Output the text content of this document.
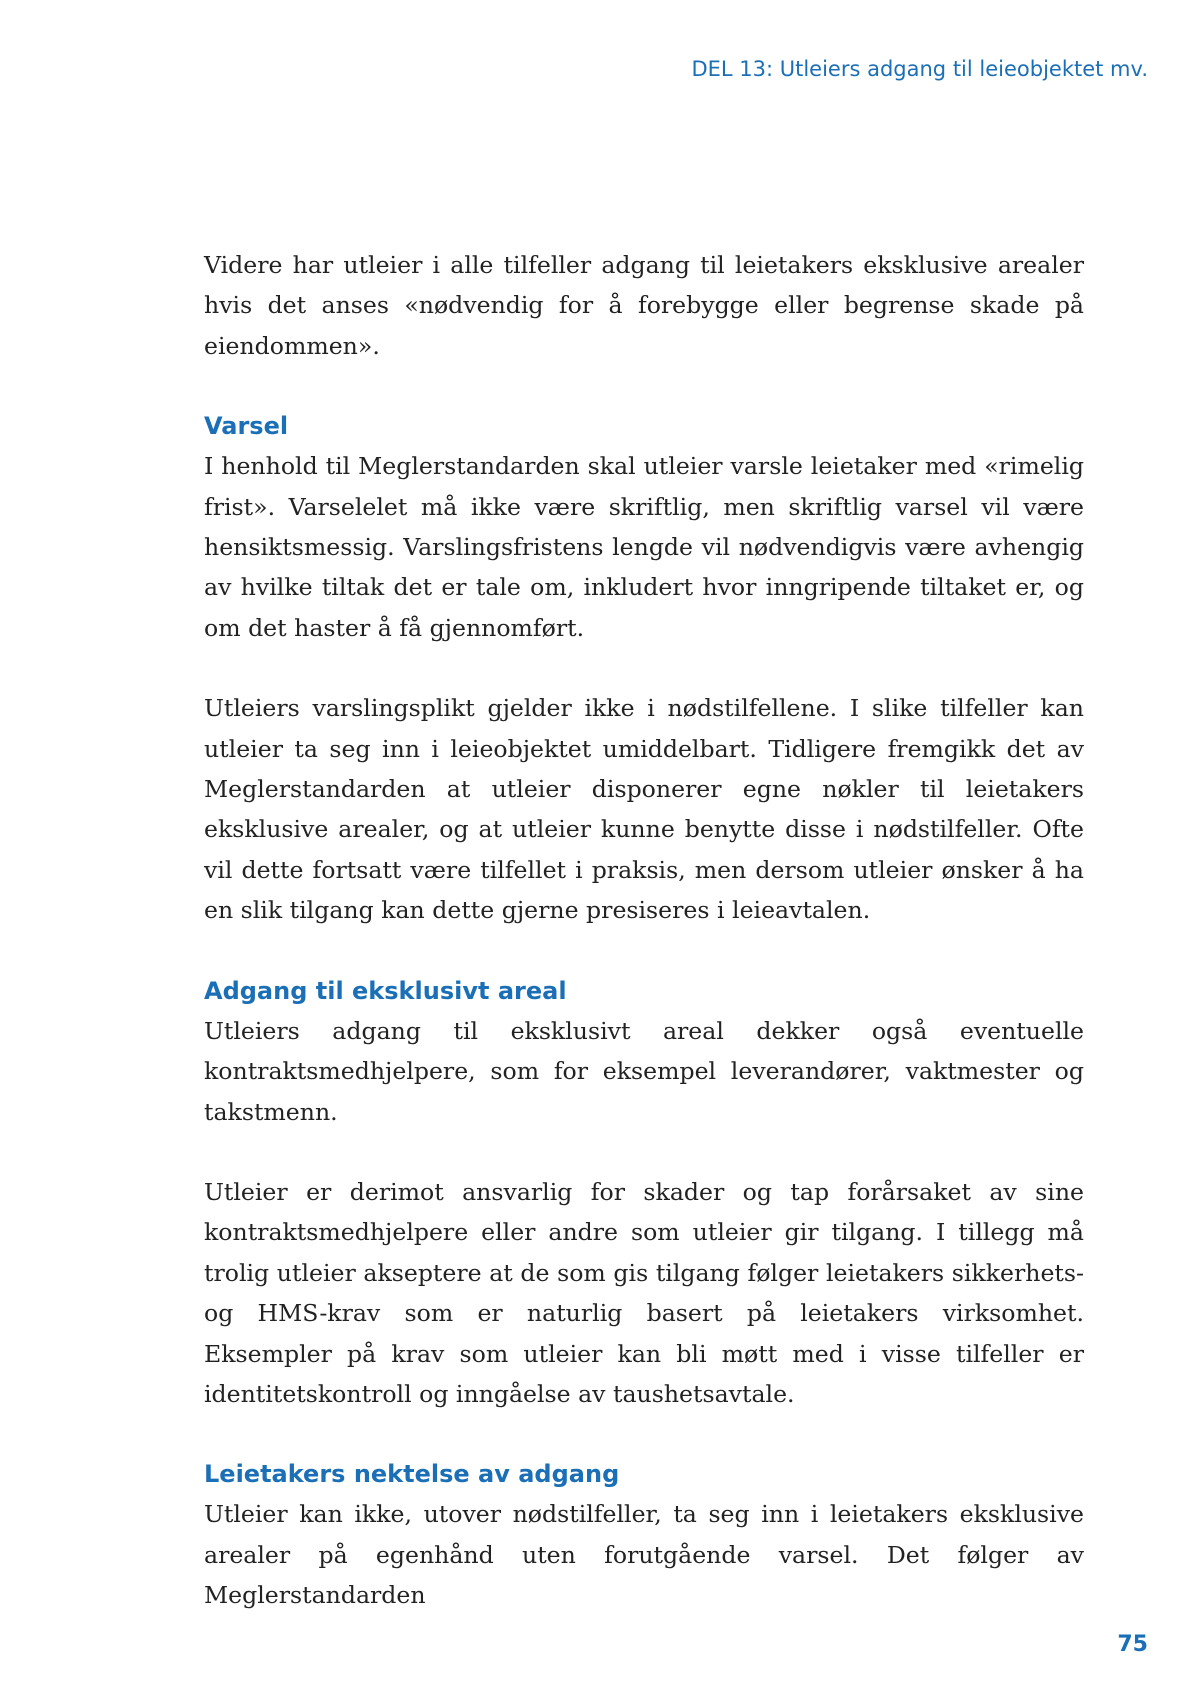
DEL 13: Utleiers adgang til leieobjektet mv.

Videre har utleier i alle tilfeller adgang til leietakers eksklusive arealer hvis det anses «nødvendig for å forebygge eller begrense skade på eiendommen».

Varsel

I henhold til Meglerstandarden skal utleier varsle leietaker med «rimelig frist». Varselelet må ikke være skriftlig, men skriftlig varsel vil være hensiktsmessig. Varslingsfristens lengde vil nødvendigvis være avhengig av hvilke tiltak det er tale om, inkludert hvor inngripende tiltaket er, og om det haster å få gjennomført.

Utleiers varslingsplikt gjelder ikke i nødstilfellene. I slike tilfeller kan utleier ta seg inn i leieobjektet umiddelbart. Tidligere fremgikk det av Meglerstandarden at utleier disponerer egne nøkler til leietakers eksklusive arealer, og at utleier kunne benytte disse i nødstilfeller. Ofte vil dette fortsatt være tilfellet i praksis, men dersom utleier ønsker å ha en slik tilgang kan dette gjerne presiseres i leieavtalen.

Adgang til eksklusivt areal

Utleiers adgang til eksklusivt areal dekker også eventuelle kontraktsmedhjelpere, som for eksempel leverandører, vaktmester og takstmenn.

Utleier er derimot ansvarlig for skader og tap forårsaket av sine kontraktsmedhjelpere eller andre som utleier gir tilgang. I tillegg må trolig utleier akseptere at de som gis tilgang følger leietakers sikkerhets- og HMS-krav som er naturlig basert på leietakers virksomhet. Eksempler på krav som utleier kan bli møtt med i visse tilfeller er identitetskontroll og inngåelse av taushetsavtale.

Leietakers nektelse av adgang

Utleier kan ikke, utover nødstilfeller, ta seg inn i leietakers eksklusive arealer på egenhånd uten forutgående varsel. Det følger av Meglerstandarden

75
